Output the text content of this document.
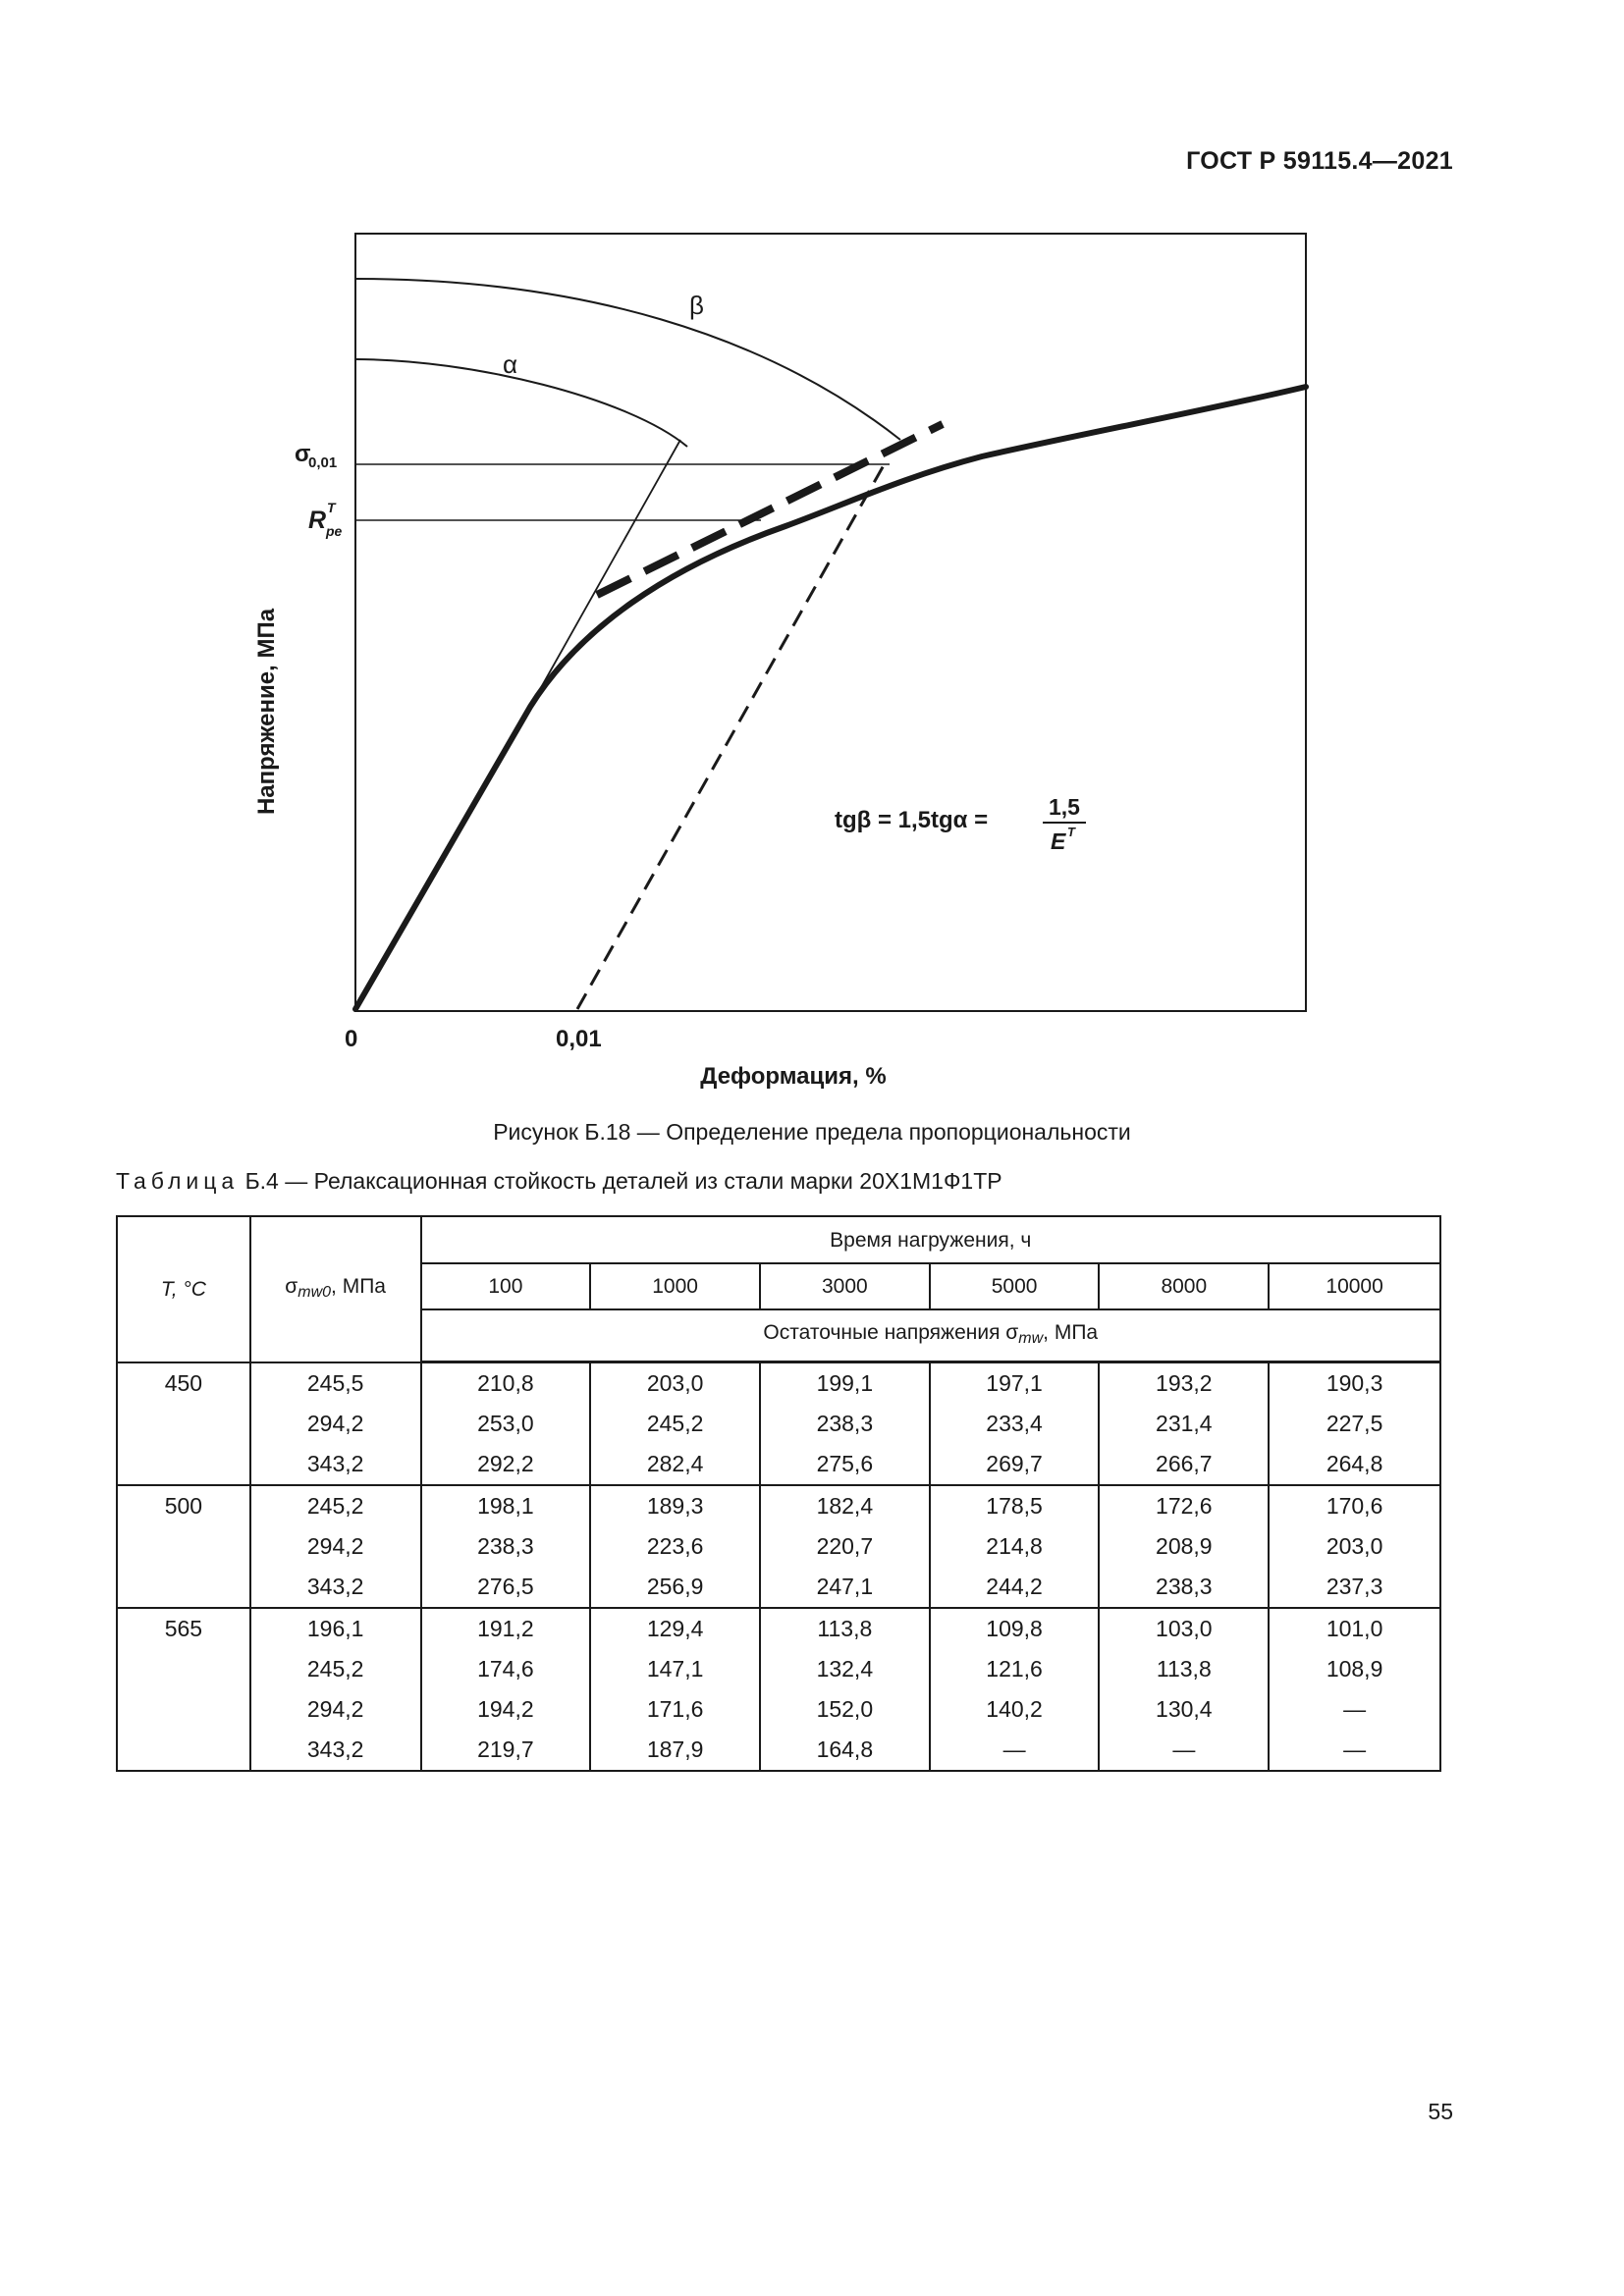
ГОСТ Р 59115.4—2021
β
α
σ
0,01
R T
pe
Напряжение, МПа
0	0,01
Деформация, %
tgβ = 1,5tgα =	1,5
E T
Рисунок Б.18 — Определение предела пропорциональности
Таблица Б.4 — Релаксационная стойкость деталей из стали марки 20Х1М1Ф1ТР
T, °C	$\sigma_{mw0}$, МПа	Время нагружения, ч					
		100	1000	3000	5000	8000	10000
		Остаточные напряжения $\sigma_{mw}$, МПа					
450	245,5	210,8	203,0	199,1	197,1	193,2	190,3
	294,2	253,0	245,2	238,3	233,4	231,4	227,5
	343,2	292,2	282,4	275,6	269,7	266,7	264,8
500	245,2	198,1	189,3	182,4	178,5	172,6	170,6
	294,2	238,3	223,6	220,7	214,8	208,9	203,0
	343,2	276,5	256,9	247,1	244,2	238,3	237,3
565	196,1	191,2	129,4	113,8	109,8	103,0	101,0
	245,2	174,6	147,1	132,4	121,6	113,8	108,9
	294,2	194,2	171,6	152,0	140,2	130,4	—
	343,2	219,7	187,9	164,8	—	—	—
55
